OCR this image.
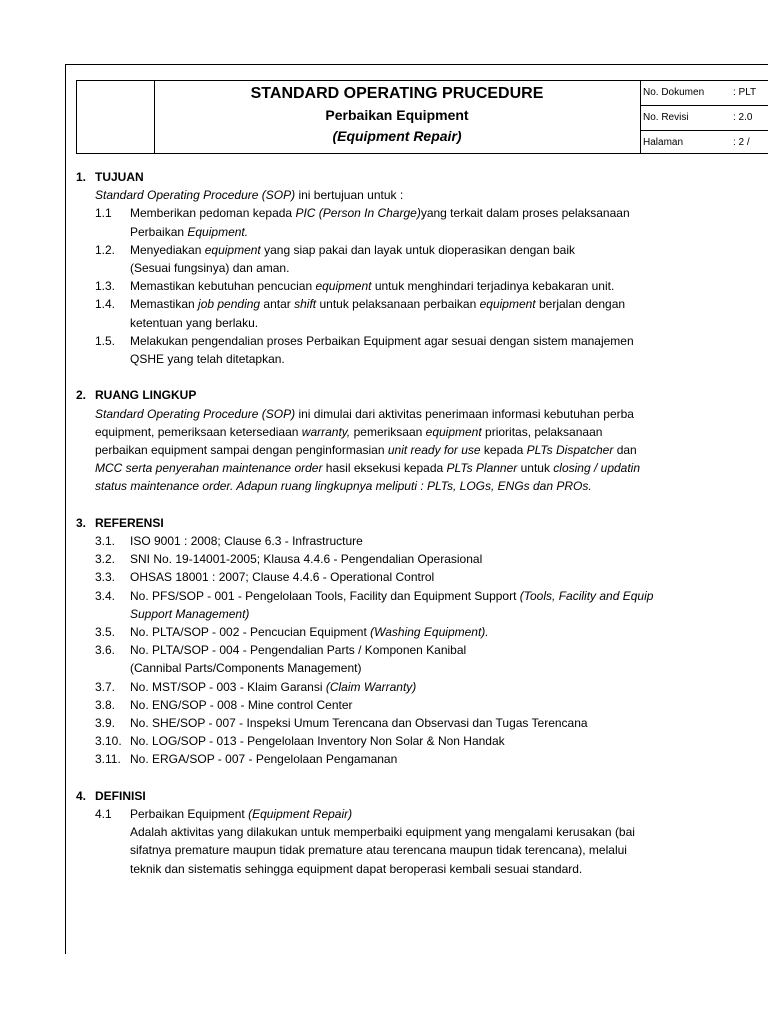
STANDARD OPERATING PRUCEDURE
Perbaikan Equipment
(Equipment Repair)
No. Dokumen	: PLT
No. Revisi	: 2.0
Halaman	: 2 /
1. TUJUAN
Standard Operating Procedure (SOP) ini bertujuan untuk :
1.1 Memberikan pedoman kepada PIC (Person In Charge)yang terkait dalam proses pelaksanaan
Perbaikan Equipment.
1.2. Menyediakan equipment yang siap pakai dan layak untuk dioperasikan dengan baik
(Sesuai fungsinya) dan aman.
1.3. Memastikan kebutuhan pencucian equipment untuk menghindari terjadinya kebakaran unit.
1.4. Memastikan job pending antar shift untuk pelaksanaan perbaikan equipment berjalan dengan
ketentuan yang berlaku.
1.5. Melakukan pengendalian proses Perbaikan Equipment agar sesuai dengan sistem manajemen
QSHE yang telah ditetapkan.
2. RUANG LINGKUP
Standard Operating Procedure (SOP) ini dimulai dari aktivitas penerimaan informasi kebutuhan perba
equipment, pemeriksaan ketersediaan warranty, pemeriksaan equipment prioritas, pelaksanaan
perbaikan equipment sampai dengan penginformasian unit ready for use kepada PLTs Dispatcher dan
MCC serta penyerahan maintenance order hasil eksekusi kepada PLTs Planner untuk closing / updatin
status maintenance order. Adapun ruang lingkupnya meliputi : PLTs, LOGs, ENGs dan PROs.
3. REFERENSI
3.1. ISO 9001 : 2008; Clause 6.3 - Infrastructure
3.2. SNI No. 19-14001-2005; Klausa 4.4.6 - Pengendalian Operasional
3.3. OHSAS 18001 : 2007; Clause 4.4.6 - Operational Control
3.4. No. PFS/SOP - 001 - Pengelolaan Tools, Facility dan Equipment Support (Tools, Facility and Equip
Support Management)
3.5. No. PLTA/SOP - 002 - Pencucian Equipment (Washing Equipment).
3.6. No. PLTA/SOP - 004 - Pengendalian Parts / Komponen Kanibal
(Cannibal Parts/Components Management)
3.7. No. MST/SOP - 003 - Klaim Garansi (Claim Warranty)
3.8. No. ENG/SOP - 008 - Mine control Center
3.9. No. SHE/SOP - 007 - Inspeksi Umum Terencana dan Observasi dan Tugas Terencana
3.10. No. LOG/SOP - 013 - Pengelolaan Inventory Non Solar & Non Handak
3.11. No. ERGA/SOP - 007 - Pengelolaan Pengamanan
4. DEFINISI
4.1 Perbaikan Equipment (Equipment Repair)
Adalah aktivitas yang dilakukan untuk memperbaiki equipment yang mengalami kerusakan (bai
sifatnya premature maupun tidak premature atau terencana maupun tidak terencana), melalui
teknik dan sistematis sehingga equipment dapat beroperasi kembali sesuai standard.
